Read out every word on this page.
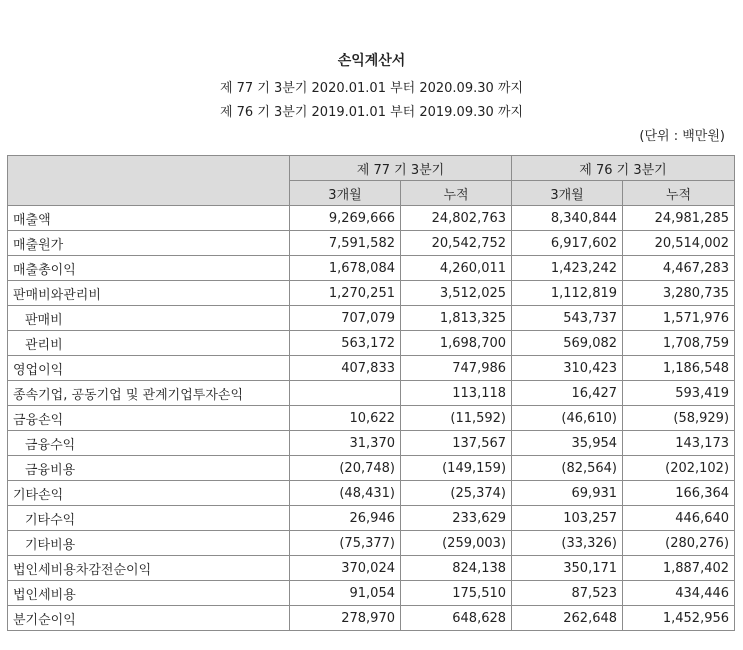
손익계산서
제 77 기 3분기 2020.01.01 부터 2020.09.30 까지
제 76 기 3분기 2019.01.01 부터 2019.09.30 까지
(단위 : 백만원)
	제 77 기 3분기		제 76 기 3분기	
	3개월	누적	3개월	누적
매출액	9,269,666	24,802,763	8,340,844	24,981,285
매출원가	7,591,582	20,542,752	6,917,602	20,514,002
매출총이익	1,678,084	4,260,011	1,423,242	4,467,283
판매비와관리비	1,270,251	3,512,025	1,112,819	3,280,735
판매비	707,079	1,813,325	543,737	1,571,976
관리비	563,172	1,698,700	569,082	1,708,759
영업이익	407,833	747,986	310,423	1,186,548
종속기업, 공동기업 및 관계기업투자손익		113,118	16,427	593,419
금융손익	10,622	(11,592)	(46,610)	(58,929)
금융수익	31,370	137,567	35,954	143,173
금융비용	(20,748)	(149,159)	(82,564)	(202,102)
기타손익	(48,431)	(25,374)	69,931	166,364
기타수익	26,946	233,629	103,257	446,640
기타비용	(75,377)	(259,003)	(33,326)	(280,276)
법인세비용차감전순이익	370,024	824,138	350,171	1,887,402
법인세비용	91,054	175,510	87,523	434,446
분기순이익	278,970	648,628	262,648	1,452,956
